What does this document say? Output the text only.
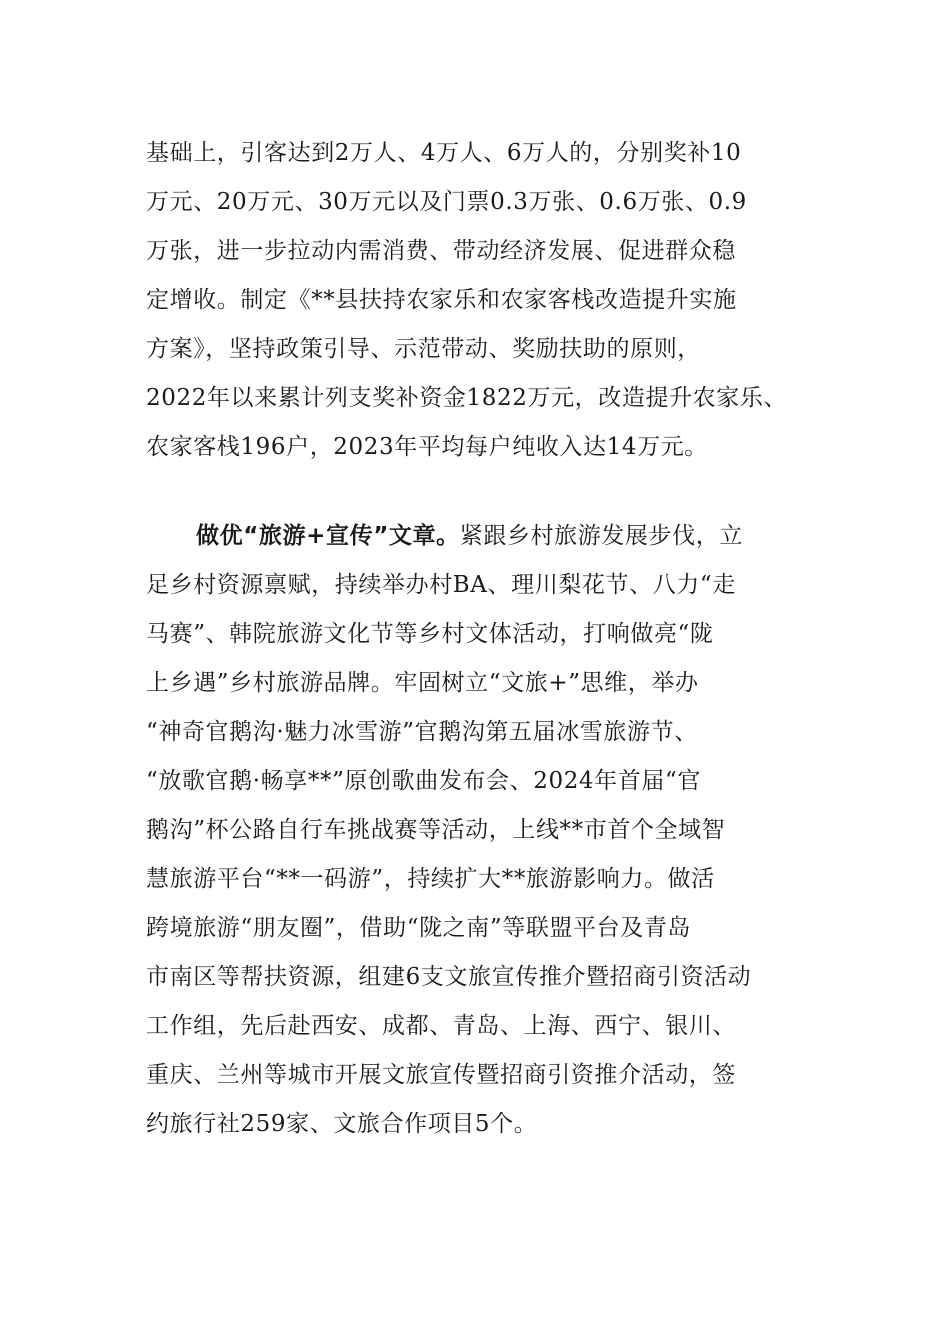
基础上，引客达到2万人、4万人、6万人的，分别奖补10

万元、20万元、30万元以及门票0.3万张、0.6万张、0.9

万张，进一步拉动内需消费、带动经济发展、促进群众稳

定增收。制定《**县扶持农家乐和农家客栈改造提升实施

方案》，坚持政策引导、示范带动、奖励扶助的原则，

2022年以来累计列支奖补资金1822万元，改造提升农家乐、

农家客栈196户，2023年平均每户纯收入达14万元。

做优“旅游+宣传”文章。紧跟乡村旅游发展步伐，立

足乡村资源禀赋，持续举办村BA、理川梨花节、八力“走

马赛”、韩院旅游文化节等乡村文体活动，打响做亮“陇

上乡遇”乡村旅游品牌。牢固树立“文旅+”思维，举办

“神奇官鹅沟·魅力冰雪游”官鹅沟第五届冰雪旅游节、

“放歌官鹅·畅享**”原创歌曲发布会、2024年首届“官

鹅沟”杯公路自行车挑战赛等活动，上线**市首个全域智

慧旅游平台“**一码游”，持续扩大**旅游影响力。做活

跨境旅游“朋友圈”，借助“陇之南”等联盟平台及青岛

市南区等帮扶资源，组建6支文旅宣传推介暨招商引资活动

工作组，先后赴西安、成都、青岛、上海、西宁、银川、

重庆、兰州等城市开展文旅宣传暨招商引资推介活动，签

约旅行社259家、文旅合作项目5个。
